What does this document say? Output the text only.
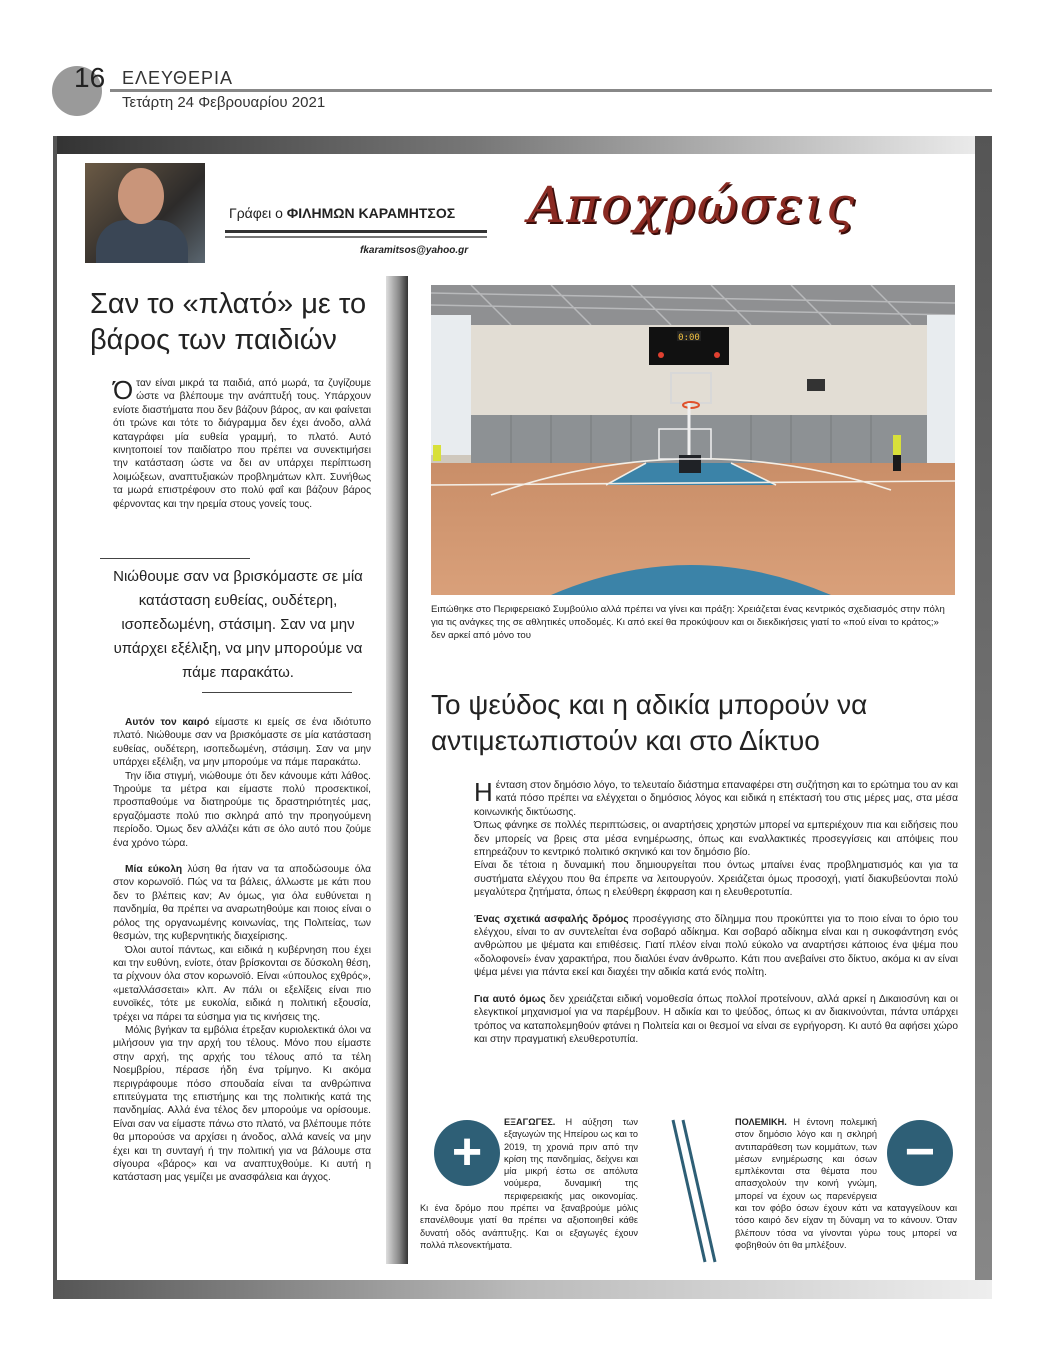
16 ΕΛΕΥΘΕΡΙΑ
Τετάρτη 24 Φεβρουαρίου 2021
Γράφει ο ΦΙΛΗΜΩΝ ΚΑΡΑΜΗΤΣΟΣ
fkaramitsos@yahoo.gr
Αποχρώσεις
Σαν το «πλατό» με το βάρος των παιδιών
Όταν είναι μικρά τα παιδιά, από μωρά, τα ζυγίζουμε ώστε να βλέπουμε την ανάπτυξή τους. Υπάρχουν ενίοτε διαστήματα που δεν βάζουν βάρος, αν και φαίνεται ότι τρώνε και τότε το διάγραμμα δεν έχει άνοδο, αλλά καταγράφει μία ευθεία γραμμή, το πλατό. Αυτό κινητοποιεί τον παιδίατρο που πρέπει να συνεκτιμήσει την κατάσταση ώστε να δει αν υπάρχει περίπτωση λοιμώξεων, αναπτυξιακών προβλημάτων κλπ. Συνήθως τα μωρά επιστρέφουν στο πολύ φαΐ και βάζουν βάρος φέρνοντας και την ηρεμία στους γονείς τους.
Νιώθουμε σαν να βρισκόμαστε σε μία κατάσταση ευθείας, ουδέτερη, ισοπεδωμένη, στάσιμη. Σαν να μην υπάρχει εξέλιξη, να μην μπορούμε να πάμε παρακάτω.

Αυτόν τον καιρό είμαστε κι εμείς σε ένα ιδιότυπο πλατό. Νιώθουμε σαν να βρισκόμαστε σε μία κατάσταση ευθείας, ουδέτερη, ισοπεδωμένη, στάσιμη. Σαν να μην υπάρχει εξέλιξη, να μην μπορούμε να πάμε παρακάτω.

Την ίδια στιγμή, νιώθουμε ότι δεν κάνουμε κάτι λάθος. Τηρούμε τα μέτρα και είμαστε πολύ προσεκτικοί, προσπαθούμε να διατηρούμε τις δραστηριότητές μας, εργαζόμαστε πολύ πιο σκληρά από την προηγούμενη περίοδο. Όμως δεν αλλάζει κάτι σε όλο αυτό που ζούμε ένα χρόνο τώρα.

Μία εύκολη λύση θα ήταν να τα αποδώσουμε όλα στον κορωνοϊό. Πώς να τα βάλεις, άλλωστε με κάτι που δεν το βλέπεις καν; Αν όμως, για όλα ευθύνεται η πανδημία, θα πρέπει να αναρωτηθούμε και ποιος είναι ο ρόλος της οργανωμένης κοινωνίας, της Πολιτείας, των θεσμών, της κυβερνητικής διαχείρισης.

Όλοι αυτοί πάντως, και ειδικά η κυβέρνηση που έχει και την ευθύνη, ενίοτε, όταν βρίσκονται σε δύσκολη θέση, τα ρίχνουν όλα στον κορωνοϊό. Είναι «ύπουλος εχθρός», «μεταλλάσσεται» κλπ. Αν πάλι οι εξελίξεις είναι πιο ευνοϊκές, τότε με ευκολία, ειδικά η πολιτική εξουσία, τρέχει να πάρει τα εύσημα για τις κινήσεις της.

Μόλις βγήκαν τα εμβόλια έτρεξαν κυριολεκτικά όλοι να μιλήσουν για την αρχή του τέλους. Μόνο που είμαστε στην αρχή, της αρχής του τέλους από τα τέλη Νοεμβρίου, πέρασε ήδη ένα τρίμηνο. Κι ακόμα περιγράφουμε πόσο σπουδαία είναι τα ανθρώπινα επιτεύγματα της επιστήμης και της πολιτικής κατά της πανδημίας. Αλλά ένα τέλος δεν μπορούμε να ορίσουμε. Είναι σαν να είμαστε πάνω στο πλατό, να βλέπουμε πότε θα μπορούσε να αρχίσει η άνοδος, αλλά κανείς να μην έχει και τη συνταγή ή την πολιτική για να βάλουμε στα σίγουρα «βάρος» και να αναπτυχθούμε. Κι αυτή η κατάσταση μας γεμίζει με ανασφάλεια και άγχος.

0:00
Ειπώθηκε στο Περιφερειακό Συμβούλιο αλλά πρέπει να γίνει και πράξη: Χρειάζεται ένας κεντρικός σχεδιασμός στην πόλη για τις ανάγκες της σε αθλητικές υποδομές. Κι από εκεί θα προκύψουν και οι διεκδικήσεις γιατί το «πού είναι το κράτος;» δεν αρκεί από μόνο του
Το ψεύδος και η αδικία μπορούν να αντιμετωπιστούν και στο Δίκτυο

Ηένταση στον δημόσιο λόγο, το τελευταίο διάστημα επαναφέρει στη συζήτηση και το ερώτημα του αν και κατά πόσο πρέπει να ελέγχεται ο δημόσιος λόγος και ειδικά η επέκτασή του στις μέρες μας, στα μέσα κοινωνικής δικτύωσης.

Όπως φάνηκε σε πολλές περιπτώσεις, οι αναρτήσεις χρηστών μπορεί να εμπεριέχουν πια και ειδήσεις που δεν μπορείς να βρεις στα μέσα ενημέρωσης, όπως και εναλλακτικές προσεγγίσεις και απόψεις που επηρεάζουν το κεντρικό πολιτικό σκηνικό και τον δημόσιο βίο.

Είναι δε τέτοια η δυναμική που δημιουργείται που όντως μπαίνει ένας προβληματισμός και για τα συστήματα ελέγχου που θα έπρεπε να λειτουργούν. Χρειάζεται όμως προσοχή, γιατί διακυβεύονται πολύ μεγαλύτερα ζητήματα, όπως η ελεύθερη έκφραση και η ελευθεροτυπία.

Ένας σχετικά ασφαλής δρόμος προσέγγισης στο δίλημμα που προκύπτει για το ποιο είναι το όριο του ελέγχου, είναι το αν συντελείται ένα σοβαρό αδίκημα. Και σοβαρό αδίκημα είναι και η συκοφάντηση ενός ανθρώπου με ψέματα και επιθέσεις. Γιατί πλέον είναι πολύ εύκολο να αναρτήσει κάποιος ένα ψέμα που «δολοφονεί» έναν χαρακτήρα, που διαλύει έναν άνθρωπο. Κάτι που ανεβαίνει στο δίκτυο, ακόμα κι αν είναι ψέμα μένει για πάντα εκεί και διαχέει την αδικία κατά ενός πολίτη.

Για αυτό όμως δεν χρειάζεται ειδική νομοθεσία όπως πολλοί προτείνουν, αλλά αρκεί η Δικαιοσύνη και οι ελεγκτικοί μηχανισμοί για να παρέμβουν. Η αδικία και το ψεύδος, όπως κι αν διακινούνται, πάντα υπάρχει τρόπος να καταπολεμηθούν φτάνει η Πολιτεία και οι θεσμοί να είναι σε εγρήγορση. Κι αυτό θα αφήσει χώρο και στην πραγματική ελευθεροτυπία.

+
ΕΞΑΓΩΓΕΣ. Η αύξηση των εξαγωγών της Ηπείρου ως και το 2019, τη χρονιά πριν από την κρίση της πανδημίας, δείχνει και μία μικρή έστω σε απόλυτα νούμερα, δυναμική της περιφερειακής μας οικονομίας. Κι ένα δρόμο που πρέπει να ξαναβρούμε μόλις επανέλθουμε γιατί θα πρέπει να αξιοποιηθεί κάθε δυνατή οδός ανάπτυξης. Και οι εξαγωγές έχουν πολλά πλεονεκτήματα.
−
ΠΟΛΕΜΙΚΗ. Η έντονη πολεμική στον δημόσιο λόγο και η σκληρή αντιπαράθεση των κομμάτων, των μέσων ενημέρωσης και όσων εμπλέκονται στα θέματα που απασχολούν την κοινή γνώμη, μπορεί να έχουν ως παρενέργεια και τον φόβο όσων έχουν κάτι να καταγγείλουν και τόσο καιρό δεν είχαν τη δύναμη να το κάνουν. Όταν βλέπουν τόσα να γίνονται γύρω τους μπορεί να φοβηθούν ότι θα μπλέξουν.
